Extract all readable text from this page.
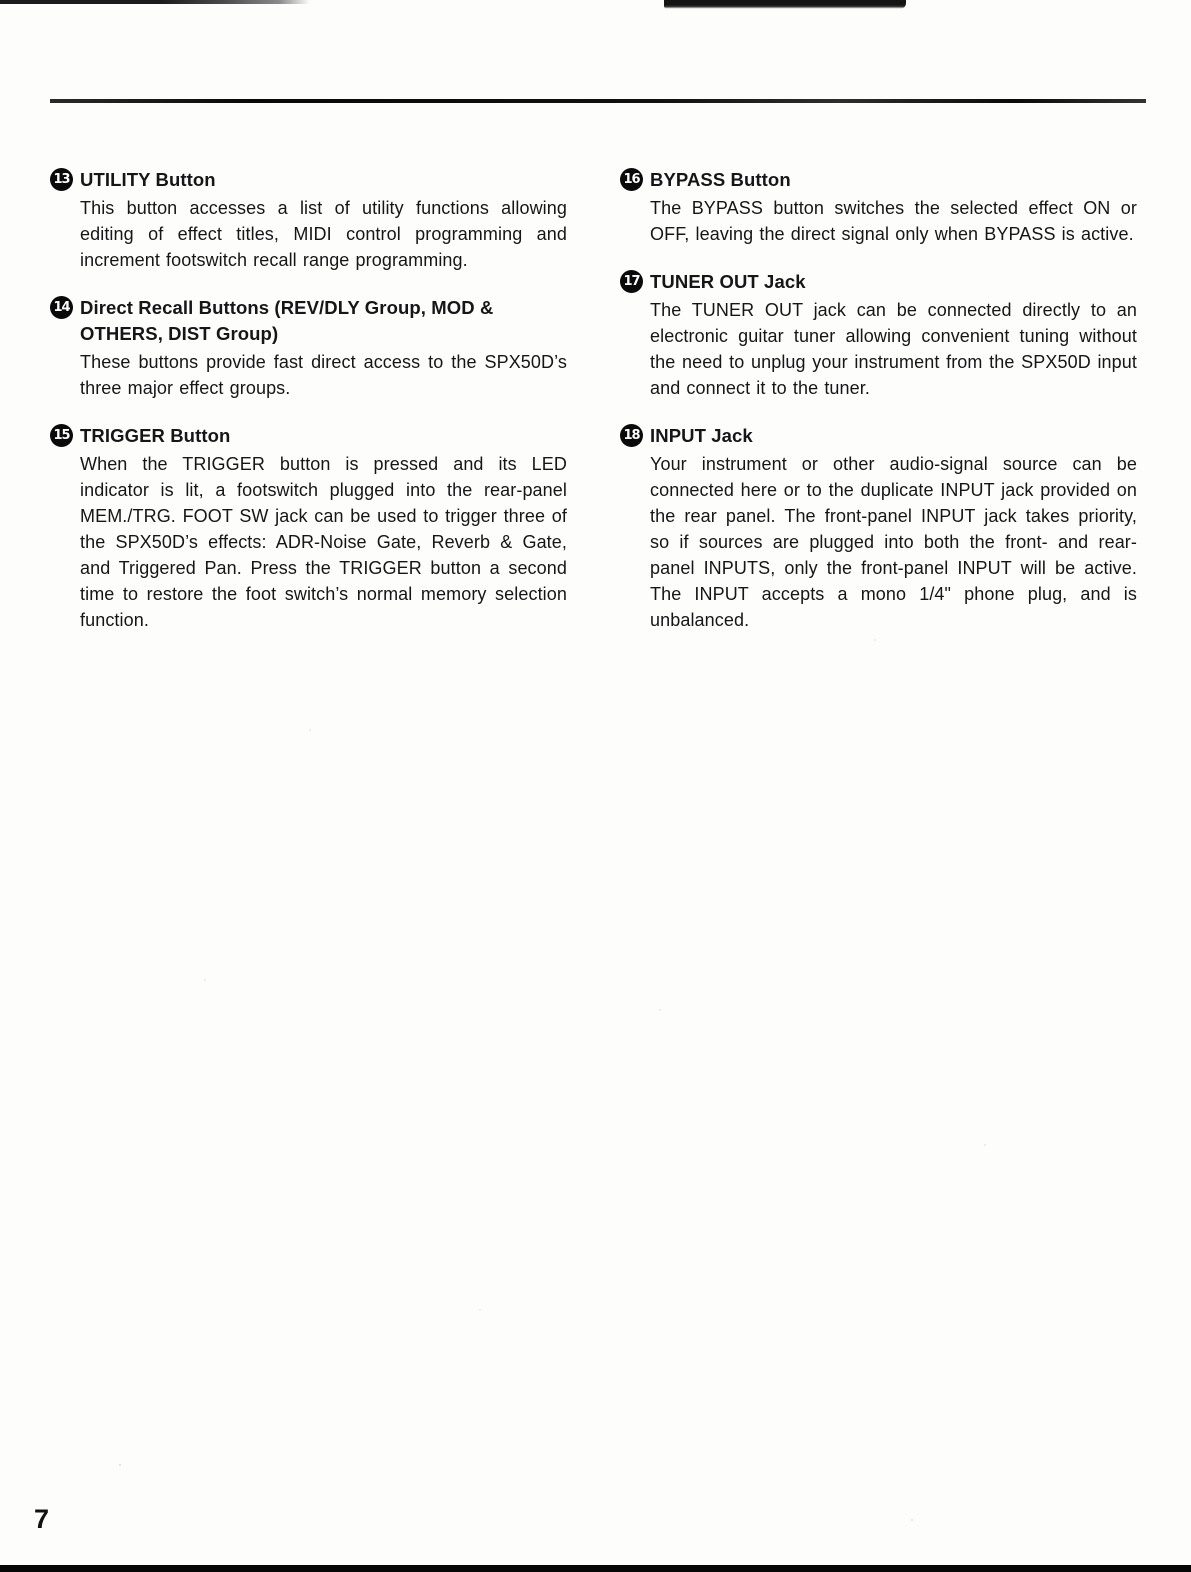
13 UTILITY Button

This button accesses a list of utility functions allowing editing of effect titles, MIDI control programming and increment footswitch recall range programming.

14 Direct Recall Buttons (REV/DLY Group, MOD & OTHERS, DIST Group)

These buttons provide fast direct access to the SPX50D’s three major effect groups.

15 TRIGGER Button

When the TRIGGER button is pressed and its LED indicator is lit, a footswitch plugged into the rear-panel MEM./TRG. FOOT SW jack can be used to trigger three of the SPX50D’s effects: ADR-Noise Gate, Reverb & Gate, and Triggered Pan. Press the TRIGGER button a second time to restore the foot switch’s normal memory selection function.

16 BYPASS Button

The BYPASS button switches the selected effect ON or OFF, leaving the direct signal only when BYPASS is active.

17 TUNER OUT Jack

The TUNER OUT jack can be connected directly to an electronic guitar tuner allowing convenient tuning without the need to unplug your instrument from the SPX50D input and connect it to the tuner.

18 INPUT Jack

Your instrument or other audio-signal source can be connected here or to the duplicate INPUT jack provided on the rear panel. The front-panel INPUT jack takes priority, so if sources are plugged into both the front- and rear-panel INPUTS, only the front-panel INPUT will be active. The INPUT accepts a mono 1/4" phone plug, and is unbalanced.

7
